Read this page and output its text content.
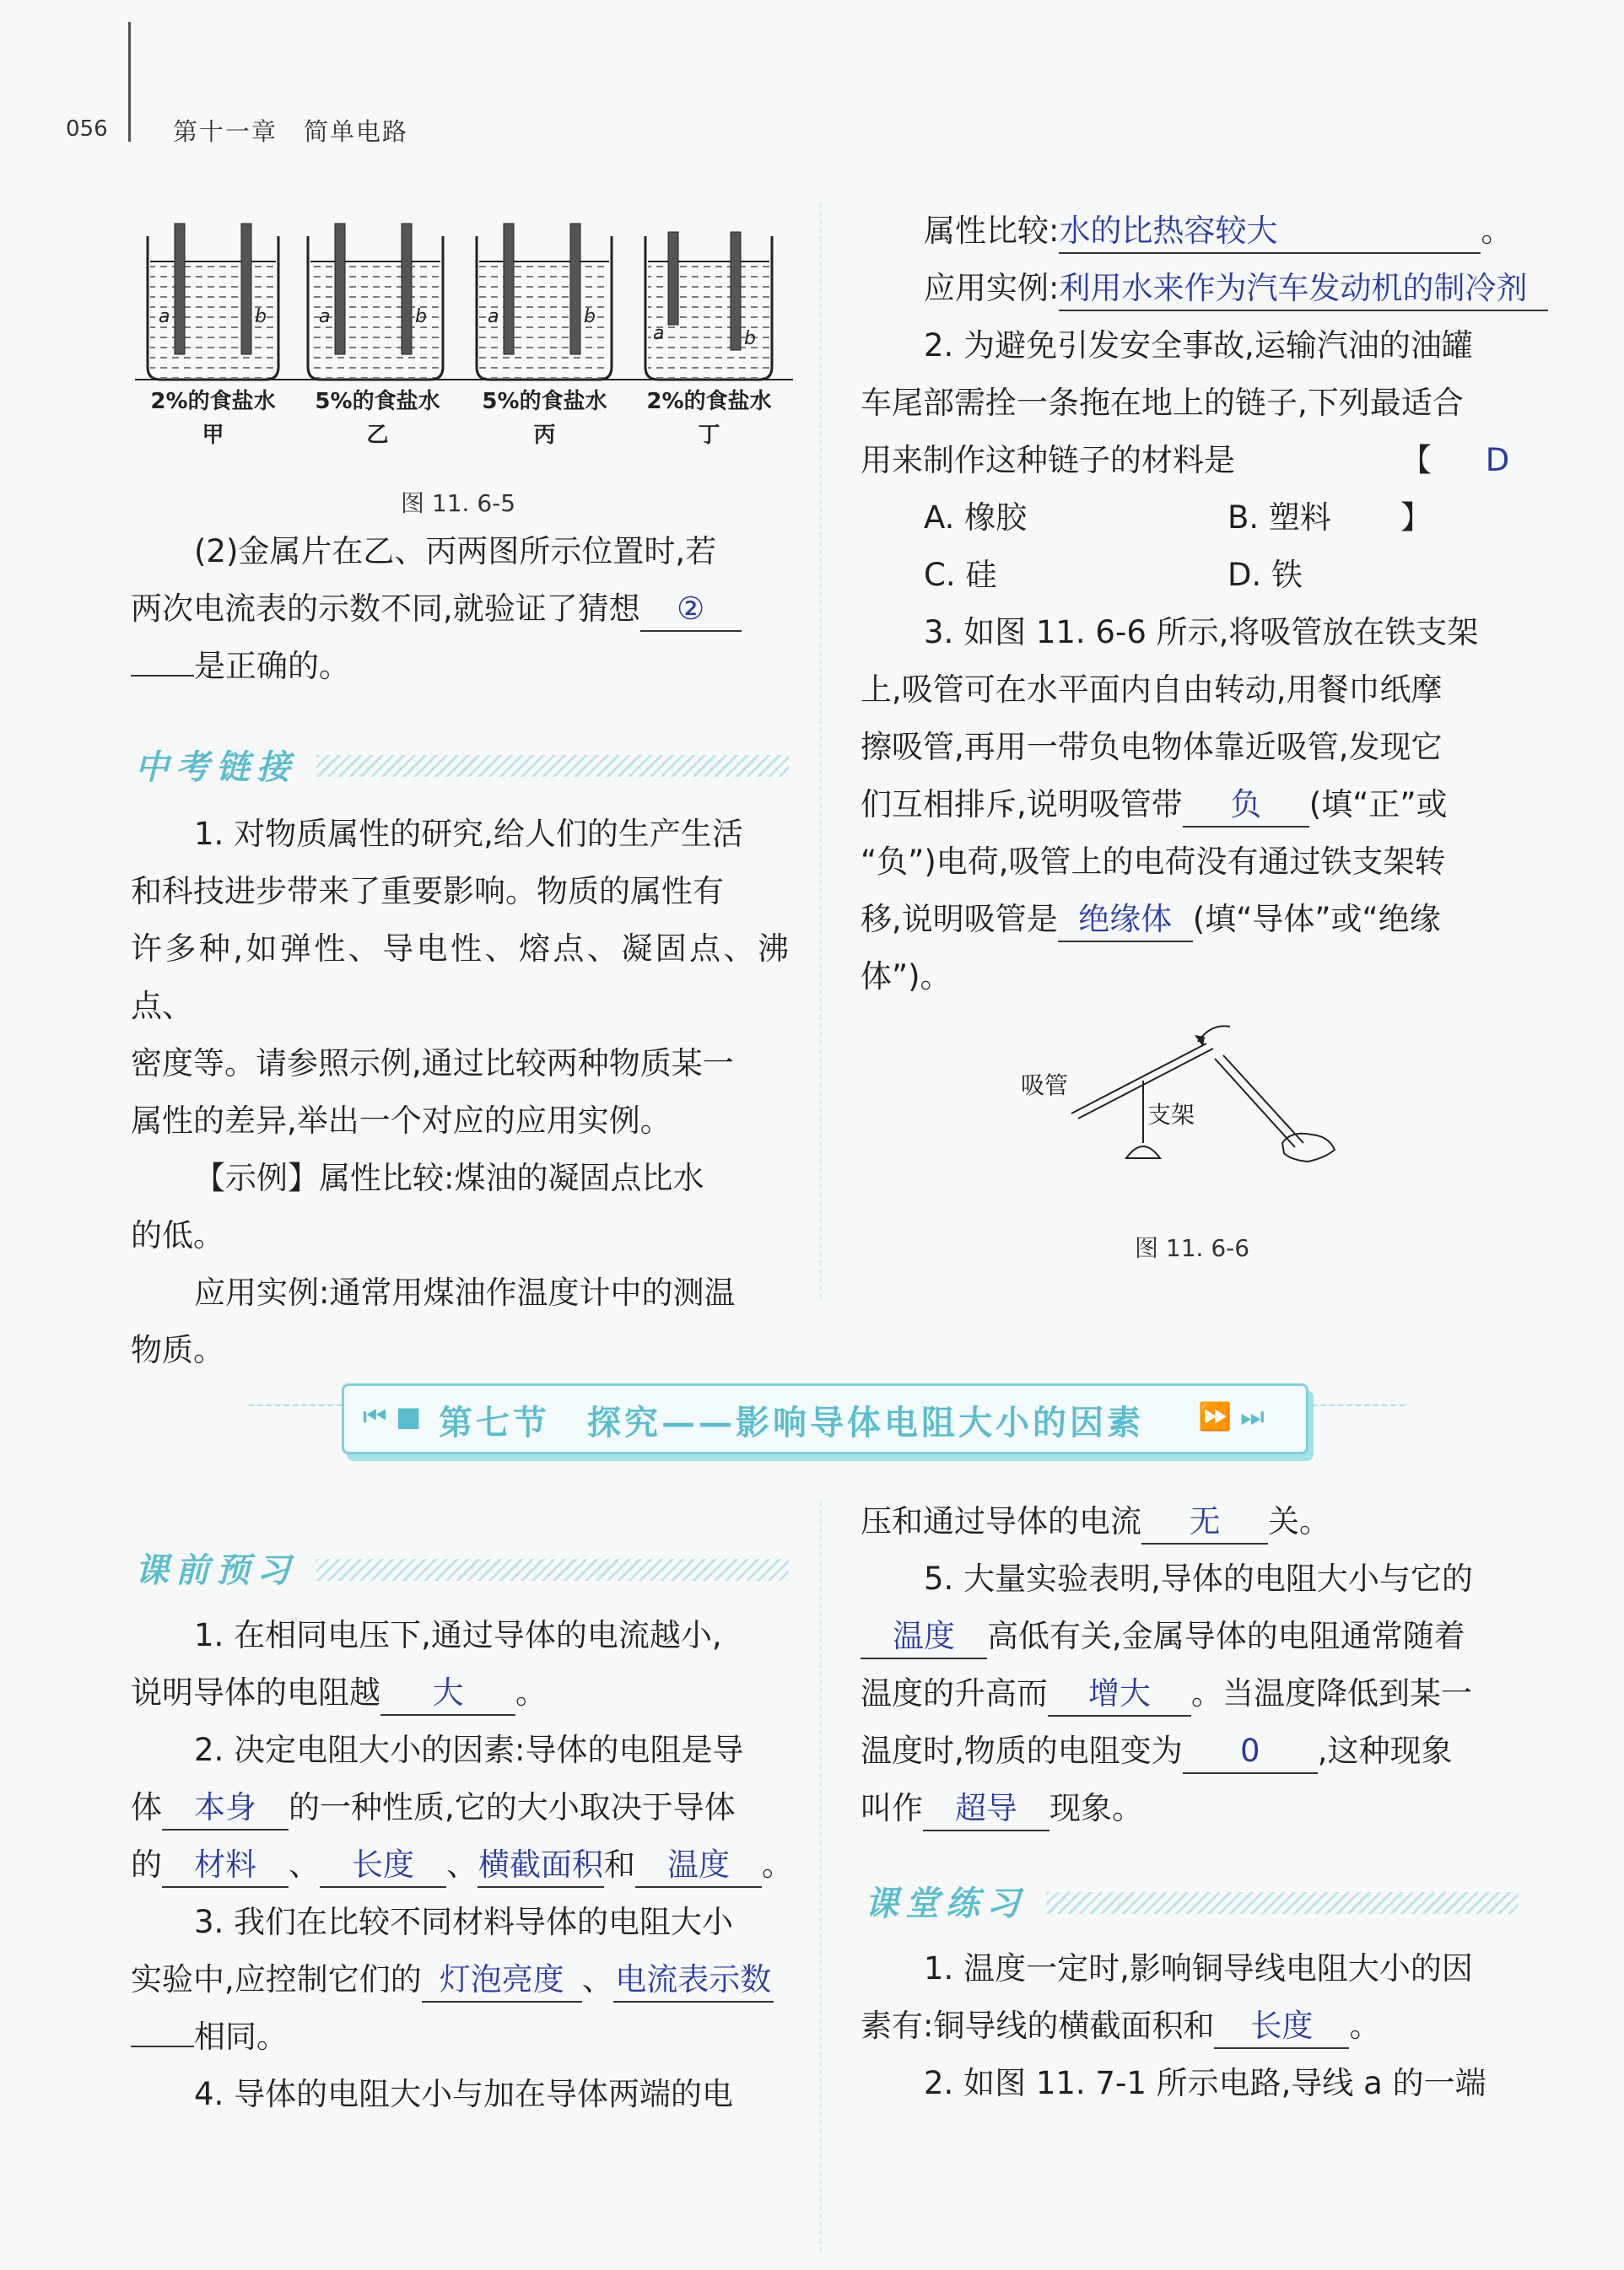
056	第十一章　简单电路
a	b	a	b	a	b
a	b
2%的食盐水	5%的食盐水	5%的食盐水	2%的食盐水
甲	乙	丙	丁
图 11. 6-5

(2)金属片在乙、丙两图所示位置时,若

两次电流表的示数不同,就验证了猜想 ②

是正确的。

中考链接

1. 对物质属性的研究,给人们的生产生活

和科技进步带来了重要影响。物质的属性有

许多种,如弹性、导电性、熔点、凝固点、沸点、

密度等。请参照示例,通过比较两种物质某一

属性的差异,举出一个对应的应用实例。

【示例】属性比较:煤油的凝固点比水

的低。

应用实例:通常用煤油作温度计中的测温

物质。

属性比较:水的比热容较大	。

应用实例:利用水来作为汽车发动机的制冷剂

2. 为避免引发安全事故,运输汽油的油罐

车尾部需拴一条拖在地上的链子,下列最适合

用来制作这种链子的材料是	【 D】

A. 橡胶	B. 塑料

C. 硅	D. 铁

3. 如图 11. 6-6 所示,将吸管放在铁支架

上,吸管可在水平面内自由转动,用餐巾纸摩

擦吸管,再用一带负电物体靠近吸管,发现它

们互相排斥,说明吸管带 负 (填“正”或

“负”)电荷,吸管上的电荷没有通过铁支架转

移,说明吸管是 绝缘体 (填“导体”或“绝缘

体”)。

吸管
支架
图 11. 6-6
⏮ ■ 第七节　探究——影响导体电阻大小的因素 ⏩ ⏭
课前预习

1. 在相同电压下,通过导体的电流越小,

说明导体的电阻越 大 。

2. 决定电阻大小的因素:导体的电阻是导

体 本身 的一种性质,它的大小取决于导体

的 材料 、 长度 、横截面积和 温度 。

3. 我们在比较不同材料导体的电阻大小

实验中,应控制它们的 灯泡亮度 、电流表示数

相同。

4. 导体的电阻大小与加在导体两端的电

压和通过导体的电流 无 关。

5. 大量实验表明,导体的电阻大小与它的

温度 高低有关,金属导体的电阻通常随着

温度的升高而 增大 。当温度降低到某一

温度时,物质的电阻变为 0 ,这种现象

叫作 超导 现象。

课堂练习

1. 温度一定时,影响铜导线电阻大小的因

素有:铜导线的横截面积和 长度 。

2. 如图 11. 7-1 所示电路,导线 a 的一端
